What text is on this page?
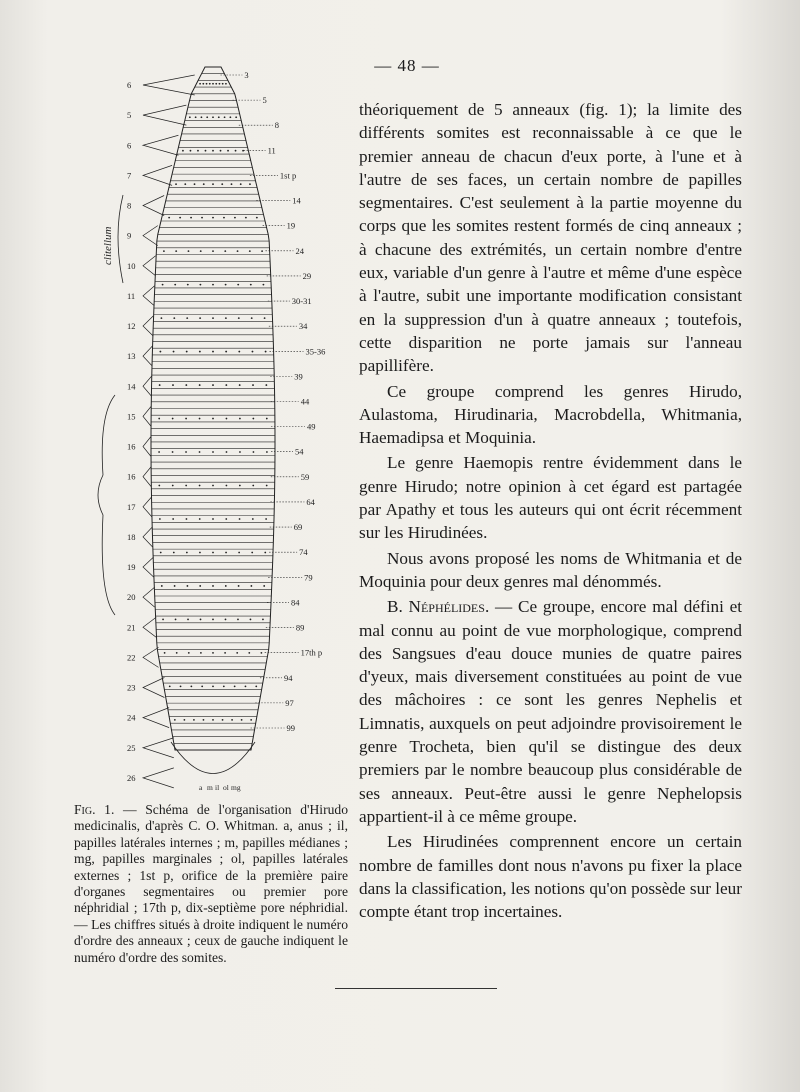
— 48 —
3
5
8
11
1st p
14
19
24
29
30-31
34
35-36
39
44
49
54
59
64
69
74
79
84
89
17th p
94
97
99
6
5
6
7
8
9
10
11
12
13
14
15
16
16
17
18
19
20
21
22
23
24
25
26
clitellum
a m il ol mg
Fig. 1. — Schéma de l'organisation d'Hirudo medicinalis, d'après C. O. Whitman. a, anus ; il, papilles latérales internes ; m, papilles médianes ; mg, papilles marginales ; ol, papilles latérales externes ; 1st p, orifice de la première paire d'organes segmentaires ou premier pore néphridial ; 17th p, dix-septième pore néphridial. — Les chiffres situés à droite indiquent le numéro d'ordre des anneaux ; ceux de gauche indiquent le numéro d'ordre des somites.

théoriquement de 5 anneaux (fig. 1); la limite des différents somites est reconnaissable à ce que le premier anneau de chacun d'eux porte, à l'une et à l'autre de ses faces, un certain nombre de papilles segmentaires. C'est seulement à la partie moyenne du corps que les somites restent formés de cinq anneaux ; à chacune des extrémités, un certain nombre d'entre eux, variable d'un genre à l'autre et même d'une espèce à l'autre, subit une importante modification consistant en la suppression d'un à quatre anneaux ; toutefois, cette disparition ne porte jamais sur l'anneau papillifère.

Ce groupe comprend les genres Hirudo, Aulastoma, Hirudinaria, Macrobdella, Whitmania, Haemadipsa et Moquinia.

Le genre Haemopis rentre évidemment dans le genre Hirudo; notre opinion à cet égard est partagée par Apathy et tous les auteurs qui ont écrit récemment sur les Hirudinées.

Nous avons proposé les noms de Whitmania et de Moquinia pour deux genres mal dénommés.

B. Néphélides. — Ce groupe, encore mal défini et mal connu au point de vue morphologique, comprend des Sangsues d'eau douce munies de quatre paires d'yeux, mais diversement constituées au point de vue des mâchoires : ce sont les genres Nephelis et Limnatis, auxquels on peut adjoindre provisoirement le genre Trocheta, bien qu'il se distingue des deux premiers par le nombre beaucoup plus considérable de ses anneaux. Peut-être aussi le genre Nephelopsis appartient-il à ce même groupe.

Les Hirudinées comprennent encore un certain nombre de familles dont nous n'avons pu fixer la place dans la classification, les notions qu'on possède sur leur compte étant trop incertaines.
